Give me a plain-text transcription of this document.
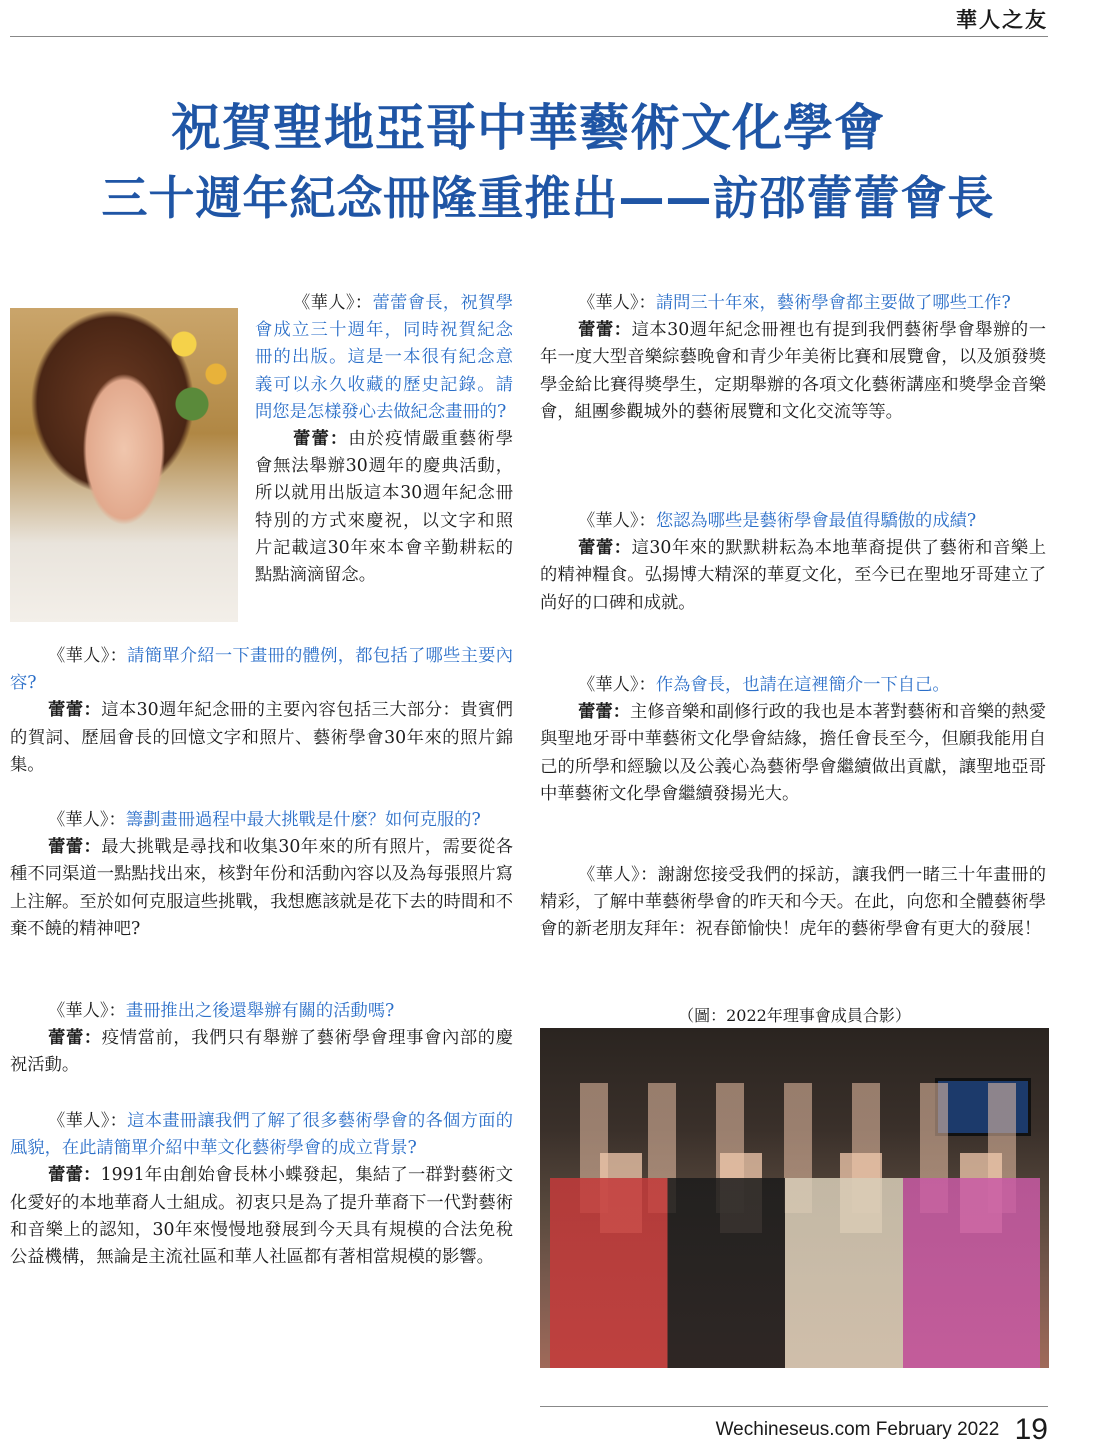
華人之友
祝賀聖地亞哥中華藝術文化學會
三十週年紀念冊隆重推出——訪邵蕾蕾會長

《華人》：蕾蕾會長，祝賀學會成立三十週年，同時祝賀紀念冊的出版。這是一本很有紀念意義可以永久收藏的歷史記錄。請問您是怎樣發心去做紀念畫冊的?

蕾蕾：由於疫情嚴重藝術學會無法舉辦30週年的慶典活動，所以就用出版這本30週年紀念冊特別的方式來慶祝，以文字和照片記載這30年來本會辛勤耕耘的點點滴滴留念。

《華人》：請簡單介紹一下畫冊的體例，都包括了哪些主要內容?

蕾蕾：這本30週年紀念冊的主要內容包括三大部分：貴賓們的賀詞、歷屆會長的回憶文字和照片、藝術學會30年來的照片錦集。

《華人》：籌劃畫冊過程中最大挑戰是什麼？如何克服的?

蕾蕾：最大挑戰是尋找和收集30年來的所有照片，需要從各種不同渠道一點點找出來，核對年份和活動內容以及為每張照片寫上注解。至於如何克服這些挑戰，我想應該就是花下去的時間和不棄不饒的精神吧?

《華人》：畫冊推出之後還舉辦有關的活動嗎?

蕾蕾：疫情當前，我們只有舉辦了藝術學會理事會內部的慶祝活動。

《華人》：這本畫冊讓我們了解了很多藝術學會的各個方面的風貌，在此請簡單介紹中華文化藝術學會的成立背景?

蕾蕾：1991年由創始會長林小蝶發起，集結了一群對藝術文化愛好的本地華裔人士組成。初衷只是為了提升華裔下一代對藝術和音樂上的認知，30年來慢慢地發展到今天具有規模的合法免稅公益機構，無論是主流社區和華人社區都有著相當規模的影響。

《華人》：請問三十年來，藝術學會都主要做了哪些工作?

蕾蕾：這本30週年紀念冊裡也有提到我們藝術學會舉辦的一年一度大型音樂綜藝晚會和青少年美術比賽和展覽會，以及頒發獎學金給比賽得獎學生，定期舉辦的各項文化藝術講座和獎學金音樂會，組團參觀城外的藝術展覽和文化交流等等。

《華人》：您認為哪些是藝術學會最值得驕傲的成績?

蕾蕾：這30年來的默默耕耘為本地華裔提供了藝術和音樂上的精神糧食。弘揚博大精深的華夏文化，至今已在聖地牙哥建立了尚好的口碑和成就。

《華人》：作為會長，也請在這裡簡介一下自己。

蕾蕾：主修音樂和副修行政的我也是本著對藝術和音樂的熱愛與聖地牙哥中華藝術文化學會結緣，擔任會長至今，但願我能用自己的所學和經驗以及公義心為藝術學會繼續做出貢獻，讓聖地亞哥中華藝術文化學會繼續發揚光大。

《華人》：謝謝您接受我們的採訪，讓我們一睹三十年畫冊的精彩，了解中華藝術學會的昨天和今天。在此，向您和全體藝術學會的新老朋友拜年：祝春節愉快！虎年的藝術學會有更大的發展！

（圖：2022年理事會成員合影）
Wechineseus.com February 2022 19
